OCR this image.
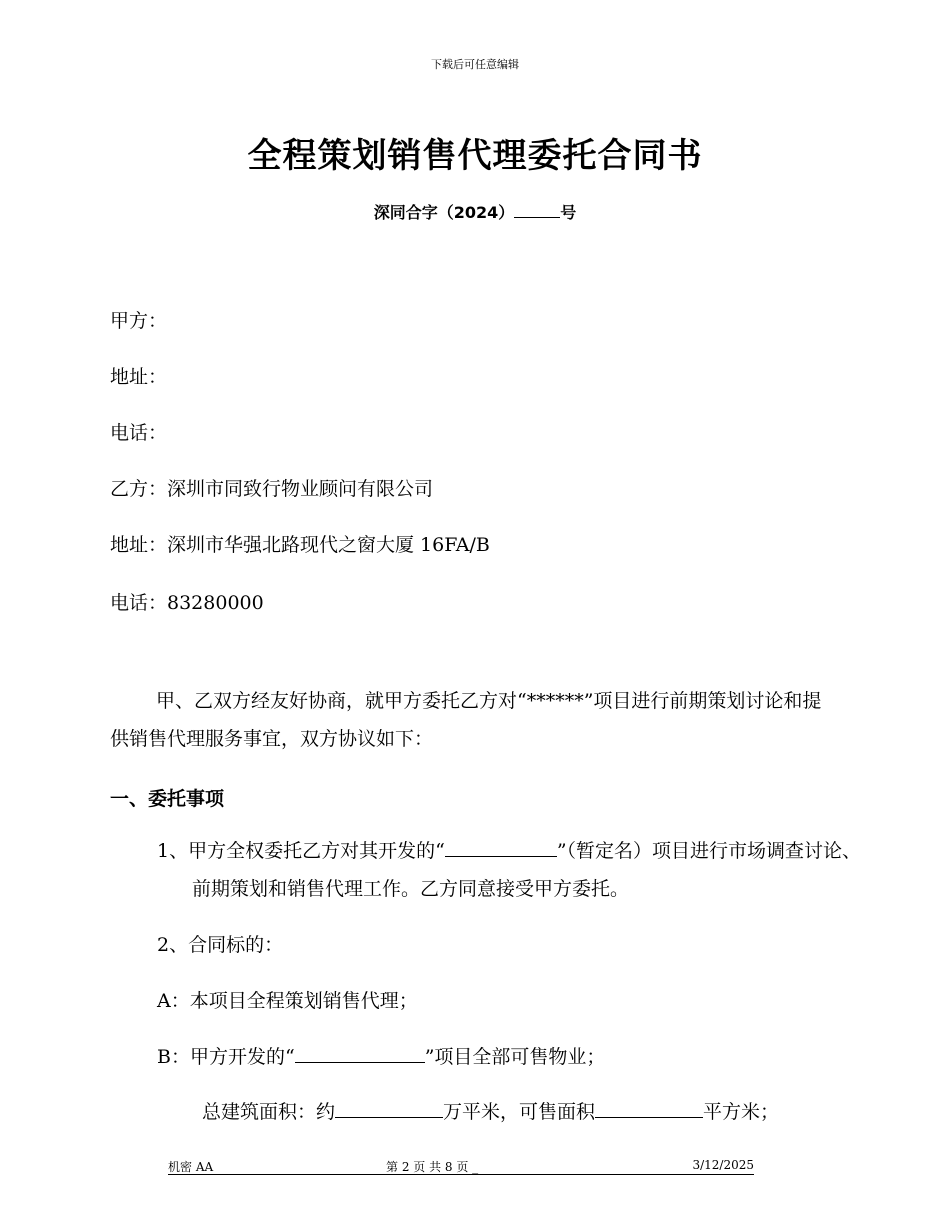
下载后可任意编辑
全程策划销售代理委托合同书
深同合字（2024）	号
甲方：
地址：
电话：
乙方：深圳市同致行物业顾问有限公司
地址：深圳市华强北路现代之窗大厦 16FA/B
电话：83280000
甲、乙双方经友好协商，就甲方委托乙方对“******”项目进行前期策划讨论和提供销售代理服务事宜，双方协议如下：
一、委托事项
1、甲方全权委托乙方对其开发的“	”（暂定名）项目进行市场调查讨论、前期策划和销售代理工作。乙方同意接受甲方委托。
2、合同标的：
A：本项目全程策划销售代理；
B：甲方开发的“	”项目全部可售物业；
总建筑面积：约	万平米，可售面积	平方米；
机密 AA	第 2 页 共 8 页 _	3/12/2025
